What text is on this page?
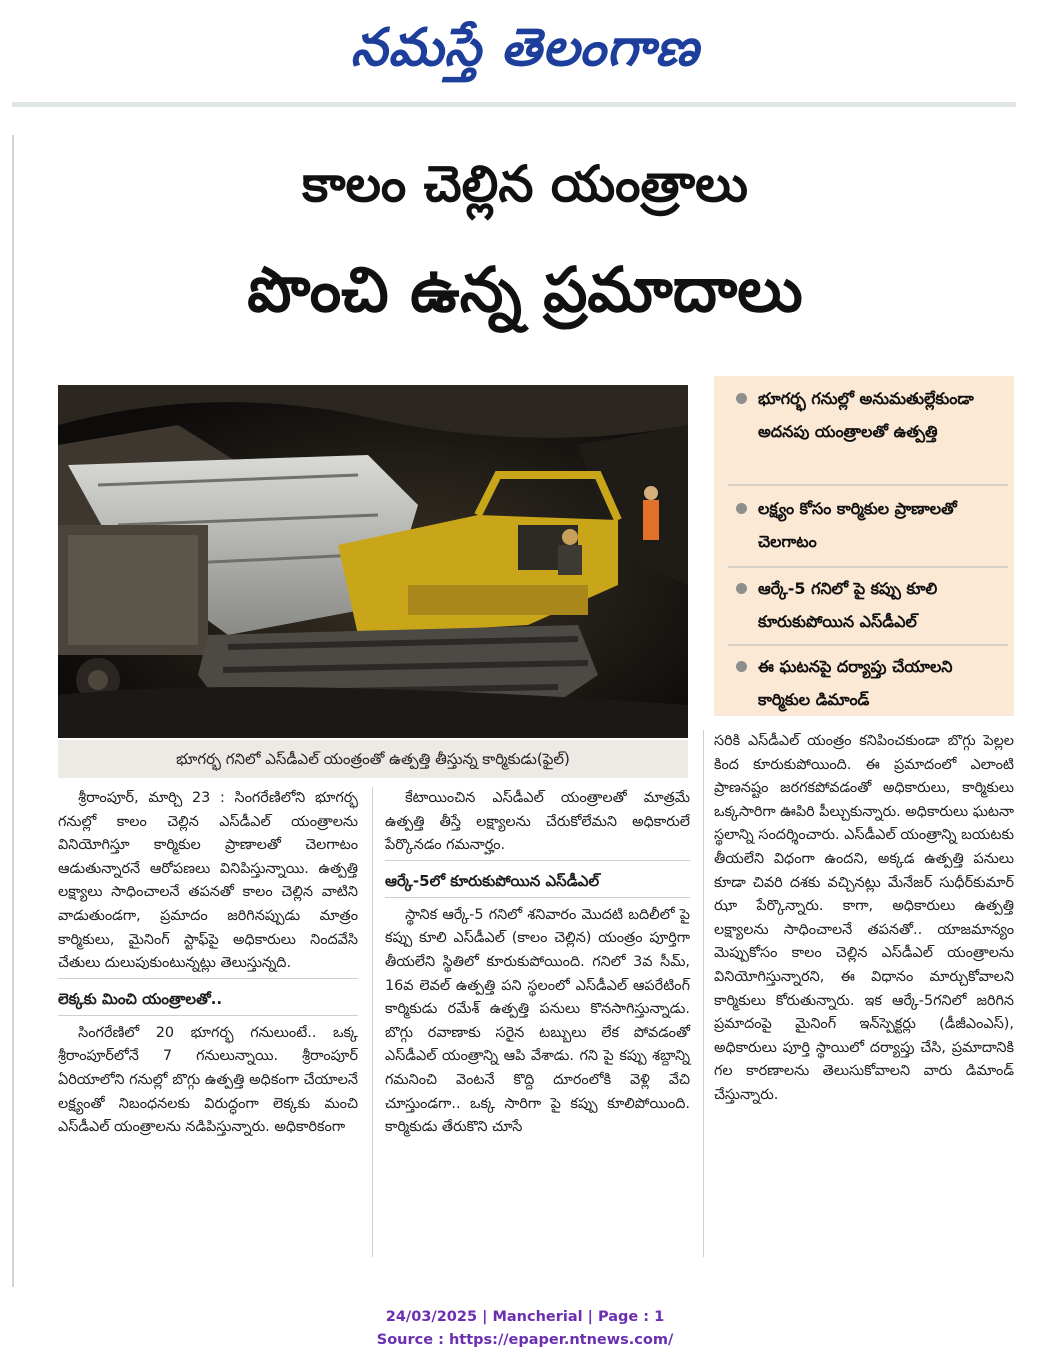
నమస్తే తెలంగాణ
కాలం చెల్లిన యంత్రాలు
పొంచి ఉన్న ప్రమాదాలు
భూగర్భ గనిలో ఎస్‌డీఎల్ యంత్రంతో ఉత్పత్తి తీస్తున్న కార్మికుడు(ఫైల్)
భూగర్భ గనుల్లో అనుమతుల్లేకుండా అదనపు యంత్రాలతో ఉత్పత్తి
లక్ష్యం కోసం కార్మికుల ప్రాణాలతో చెలగాటం
ఆర్కే-5 గనిలో పై కప్పు కూలి కూరుకుపోయిన ఎస్‌డీఎల్
ఈ ఘటనపై దర్యాప్తు చేయాలని కార్మికుల డిమాండ్

శ్రీరాంపూర్, మార్చి 23 : సింగరేణిలోని భూగర్భ గనుల్లో కాలం చెల్లిన ఎస్‌డీఎల్ యంత్రాలను వినియోగిస్తూ కార్మికుల ప్రాణాలతో చెలగాటం ఆడుతున్నారనే ఆరోపణలు వినిపిస్తున్నాయి. ఉత్పత్తి లక్ష్యాలు సాధించాలనే తపనతో కాలం చెల్లిన వాటిని వాడుతుండగా, ప్రమాదం జరిగినప్పుడు మాత్రం కార్మికులు, మైనింగ్ స్టాఫ్‌పై అధికారులు నిందవేసి చేతులు దులుపుకుంటున్నట్లు తెలుస్తున్నది.

లెక్కకు మించి యంత్రాలతో..

సింగరేణిలో 20 భూగర్భ గనులుంటే.. ఒక్క శ్రీరాంపూర్‌లోనే 7 గనులున్నాయి. శ్రీరాంపూర్ ఏరియాలోని గనుల్లో బొగ్గు ఉత్పత్తి అధికంగా చేయాలనే లక్ష్యంతో నిబంధనలకు విరుద్ధంగా లెక్కకు మంచి ఎస్‌డీఎల్ యంత్రాలను నడిపిస్తున్నారు. అధికారికంగా

కేటాయించిన ఎస్‌డీఎల్ యంత్రాలతో మాత్రమే ఉత్పత్తి తీస్తే లక్ష్యాలను చేరుకోలేమని అధికారులే పేర్కొనడం గమనార్హం.

ఆర్కే-5లో కూరుకుపోయిన ఎస్‌డీఎల్

స్థానిక ఆర్కే-5 గనిలో శనివారం మొదటి బదిలీలో పై కప్పు కూలి ఎస్‌డీఎల్ (కాలం చెల్లిన) యంత్రం పూర్తిగా తీయలేని స్థితిలో కూరుకుపోయింది. గనిలో 3వ సీమ్, 16వ లెవల్ ఉత్పత్తి పని స్థలంలో ఎస్‌డీఎల్ ‌ఆపరేటింగ్ కార్మికుడు రమేశ్ ఉత్పత్తి పనులు కొనసాగిస్తున్నాడు. బొగ్గు రవాణాకు సరైన టబ్బులు లేక పోవడంతో ఎస్‌డీఎల్ యంత్రాన్ని ఆపి వేశాడు. గని పై కప్పు శబ్దాన్ని గమనించి వెంటనే కొద్ది దూరంలోకి వెళ్లి వేచి చూస్తుండగా.. ఒక్క సారిగా పై కప్పు కూలిపోయింది. కార్మికుడు తేరుకొని చూసే

సరికి ఎస్‌డీఎల్ యంత్రం కనిపించకుండా బొగ్గు పెల్లల కింద కూరుకుపోయింది. ఈ ప్రమాదంలో ఎలాంటి ప్రాణనష్టం జరగకపోవడంతో అధికారులు, కార్మికులు ఒక్కసారిగా ఊపిరి పీల్చుకున్నారు. అధికారులు ఘటనా స్థలాన్ని సందర్శించారు. ఎస్‌డీఎల్ యంత్రాన్ని బయటకు తీయలేని విధంగా ఉందని, అక్కడ ఉత్పత్తి పనులు కూడా చివరి దశకు వచ్చినట్లు మేనేజర్ సుధీర్‌కుమార్ ఝా పేర్కొన్నారు. కాగా, అధికారులు ఉత్పత్తి లక్ష్యాలను సాధించాలనే తపనతో.. యాజమాన్యం మెప్పుకోసం కాలం చెల్లిన ఎస్‌డీఎల్ యంత్రాలను వినియోగిస్తున్నారని, ఈ విధానం మార్చుకోవాలని కార్మికులు కోరుతున్నారు. ఇక ఆర్కే-5గనిలో జరిగిన ప్రమాదంపై మైనింగ్ ఇన్‌స్పెక్టర్లు (డీజీఎంఎస్), అధికారులు పూర్తి స్థాయిలో దర్యాప్తు చేసి, ప్రమాదానికి గల కారణాలను తెలుసుకోవాలని వారు డిమాండ్ చేస్తున్నారు.

24/03/2025 | Mancherial | Page : 1
Source : https://epaper.ntnews.com/
